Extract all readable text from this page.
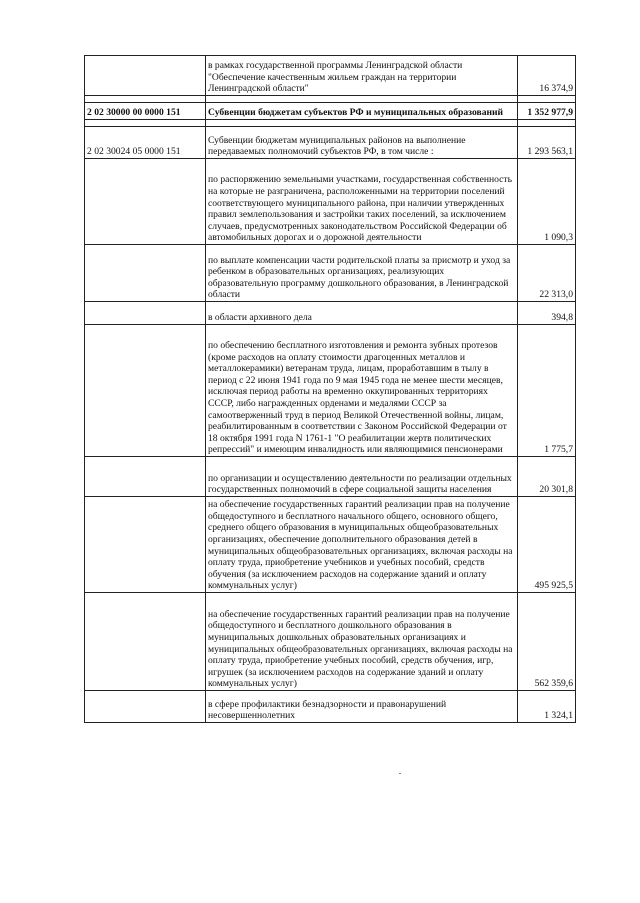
	в рамках государственной программы Ленинградской области "Обеспечение качественным жильем граждан на территории Ленинградской области"	16 374,9

2 02 30000 00 0000 151	Субвенции бюджетам субъектов РФ и муниципальных образований	1 352 977,9

2 02 30024 05 0000 151	Субвенции бюджетам муниципальных районов на выполнение передаваемых полномочий субъектов РФ, в том числе :	1 293 563,1
	по распоряжению земельными участками, государственная собственность на которые не разграничена, расположенными на территории поселений соответствующего муниципального района, при наличии утвержденных правил землепользования и застройки таких поселений, за исключением случаев, предусмотренных законодательством Российской Федерации об автомобильных дорогах и о дорожной деятельности	1 090,3
	по выплате компенсации части родительской платы за присмотр и уход за ребенком в образовательных организациях, реализующих образовательную программу дошкольного образования, в Ленинградской области	22 313,0
	в области архивного дела	394,8
	по обеспечению бесплатного изготовления и ремонта зубных протезов (кроме расходов на оплату стоимости драгоценных металлов и металлокерамики) ветеранам труда, лицам, проработавшим в тылу в период с 22 июня 1941 года по 9 мая 1945 года не менее шести месяцев, исключая период работы на временно оккупированных территориях СССР, либо награжденных орденами и медалями СССР за самоотверженный труд в период Великой Отечественной войны, лицам, реабилитированным в соответствии с Законом Российской Федерации от 18 октября 1991 года N 1761-1 "О реабилитации жертв политических репрессий" и имеющим инвалидность или являющимися пенсионерами	1 775,7
	по организации и осуществлению деятельности по реализации отдельных государственных полномочий в сфере социальной защиты населения	20 301,8
	на обеспечение государственных гарантий реализации прав на получение общедоступного и бесплатного начального общего, основного общего, среднего общего образования в муниципальных общеобразовательных организациях, обеспечение дополнительного образования детей в муниципальных общеобразовательных организациях, включая расходы на оплату труда, приобретение учебников и учебных пособий, средств обучения (за исключением расходов на содержание зданий и оплату коммунальных услуг)	495 925,5
	на обеспечение государственных гарантий реализации прав на получение общедоступного и бесплатного дошкольного образования в муниципальных дошкольных образовательных организациях и муниципальных общеобразовательных организациях, включая расходы на оплату труда, приобретение учебных пособий, средств обучения, игр, игрушек (за исключением расходов на содержание зданий и оплату коммунальных услуг)	562 359,6
	в сфере профилактики безнадзорности и правонарушений несовершеннолетних	1 324,1
